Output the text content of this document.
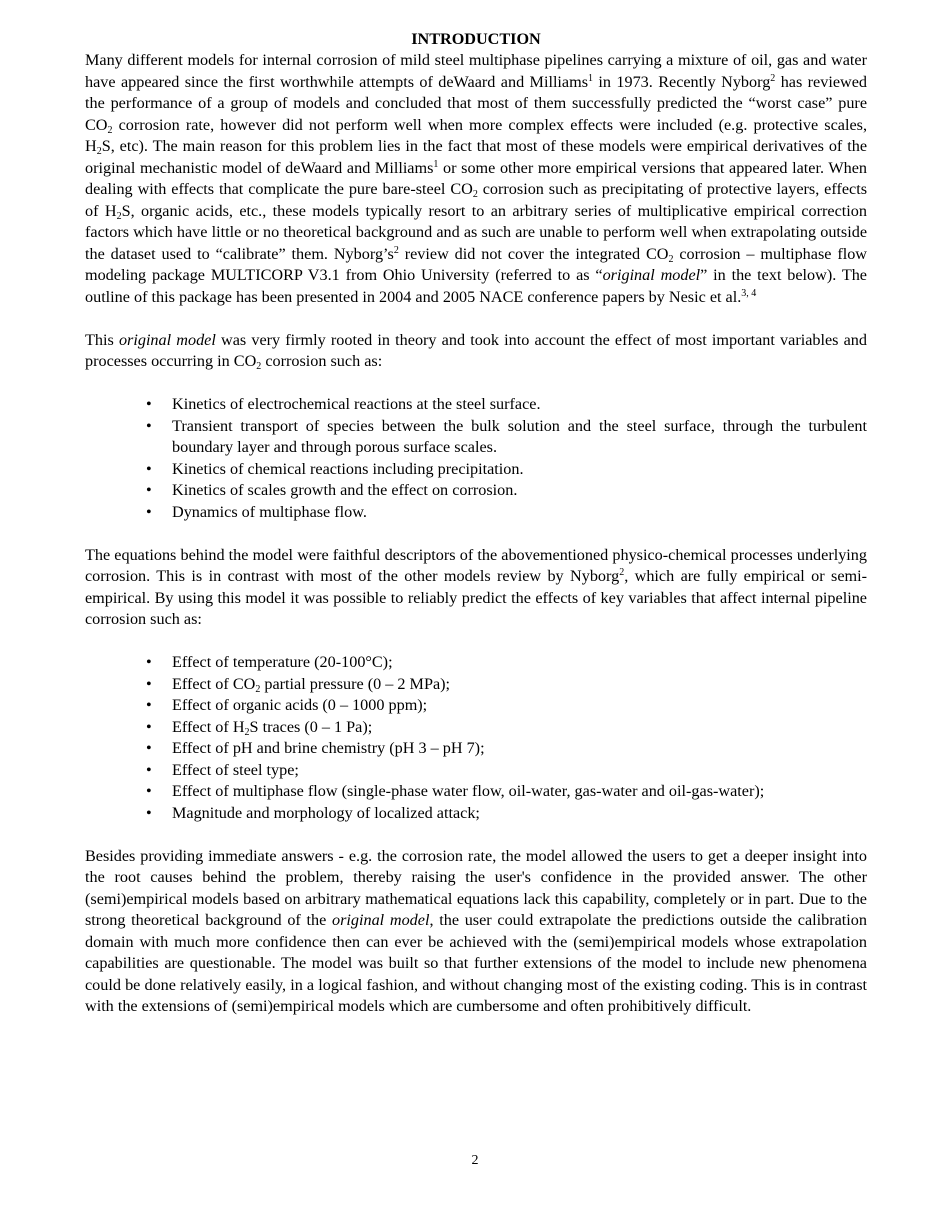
INTRODUCTION

Many different models for internal corrosion of mild steel multiphase pipelines carrying a mixture of oil, gas and water have appeared since the first worthwhile attempts of deWaard and Milliams$^1$ in 1973. Recently Nyborg$^2$ has reviewed the performance of a group of models and concluded that most of them successfully predicted the “worst case” pure $CO_2$ corrosion rate, however did not perform well when more complex effects were included (e.g. protective scales, $H_2S$, etc). The main reason for this problem lies in the fact that most of these models were empirical derivatives of the original mechanistic model of deWaard and Milliams$^1$ or some other more empirical versions that appeared later. When dealing with effects that complicate the pure bare-steel $CO_2$ corrosion such as precipitating of protective layers, effects of $H_2S$, organic acids, etc., these models typically resort to an arbitrary series of multiplicative empirical correction factors which have little or no theoretical background and as such are unable to perform well when extrapolating outside the dataset used to “calibrate” them. $Nyborg’s^2$ review did not cover the integrated $CO_2$ corrosion – multiphase flow modeling package MULTICORP V3.1 from Ohio University (referred to as “original model” in the text below). The outline of this package has been presented in 2004 and 2005 NACE conference papers by Nesic et al.$^{3, 4}$

This original model was very firmly rooted in theory and took into account the effect of most important variables and processes occurring in $CO_2$ corrosion such as:

• Kinetics of electrochemical reactions at the steel surface.
• Transient transport of species between the bulk solution and the steel surface, through the turbulent boundary layer and through porous surface scales.
• Kinetics of chemical reactions including precipitation.
• Kinetics of scales growth and the effect on corrosion.
• Dynamics of multiphase flow.

The equations behind the model were faithful descriptors of the abovementioned physico-chemical processes underlying corrosion. This is in contrast with most of the other models review by Nyborg$^2$, which are fully empirical or semi-empirical. By using this model it was possible to reliably predict the effects of key variables that affect internal pipeline corrosion such as:

• Effect of temperature (20-100°C);
• Effect of $CO_2$ partial pressure (0 – 2 MPa);
• Effect of organic acids (0 – 1000 ppm);
• Effect of $H_2S$ traces (0 – 1 Pa);
• Effect of pH and brine chemistry (pH 3 – pH 7);
• Effect of steel type;
• Effect of multiphase flow (single-phase water flow, oil-water, gas-water and oil-gas-water);
• Magnitude and morphology of localized attack;

Besides providing immediate answers - e.g. the corrosion rate, the model allowed the users to get a deeper insight into the root causes behind the problem, thereby raising the user's confidence in the provided answer. The other (semi)empirical models based on arbitrary mathematical equations lack this capability, completely or in part. Due to the strong theoretical background of the original model, the user could extrapolate the predictions outside the calibration domain with much more confidence then can ever be achieved with the (semi)empirical models whose extrapolation capabilities are questionable. The model was built so that further extensions of the model to include new phenomena could be done relatively easily, in a logical fashion, and without changing most of the existing coding. This is in contrast with the extensions of (semi)empirical models which are cumbersome and often prohibitively difficult.

2
